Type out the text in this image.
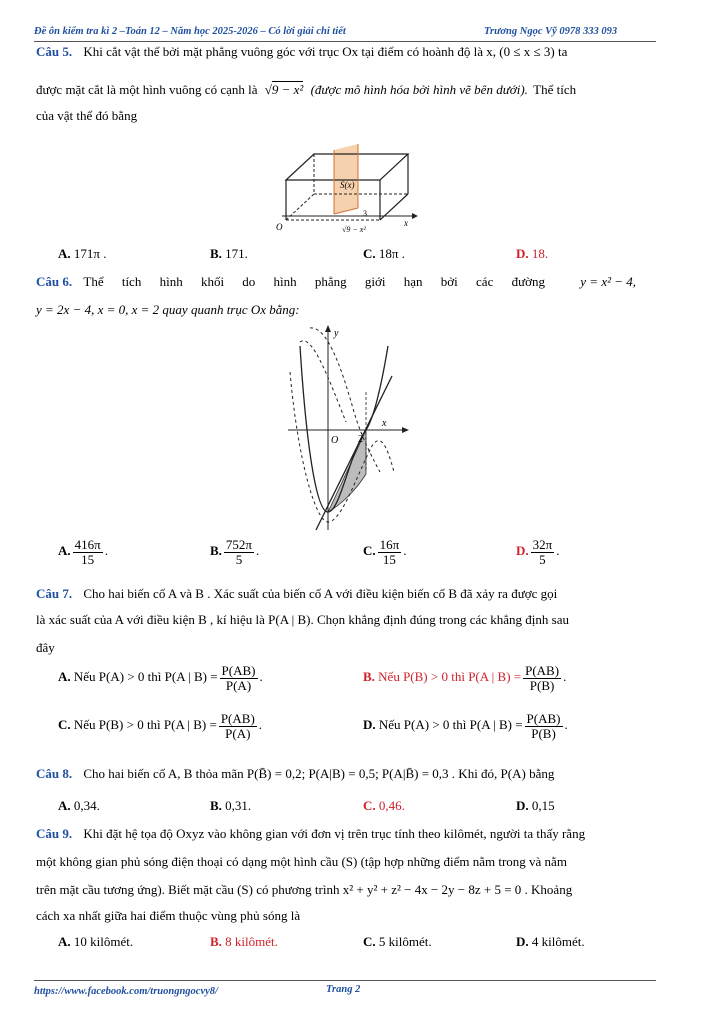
Đề ôn kiểm tra kì 2 –Toán 12 – Năm học 2025-2026 – Có lời giải chi tiết	Trương Ngọc Vỹ 0978 333 093
Câu 5. Khi cắt vật thể bởi mặt phẳng vuông góc với trục Ox tại điểm có hoành độ là x, (0 ≤ x ≤ 3) ta
được mặt cắt là một hình vuông có cạnh là √9 − x² (được mô hình hóa bởi hình vẽ bên dưới). Thể tích
của vật thể đó bằng
S(x)
O	x
3
√9 − x²
A. 171π .	B. 171.	C. 18π .	D. 18.
Câu 6. Thể tích hình khối do hình phẳng giới hạn bởi các đường	y = x² − 4,
y = 2x − 4, x = 0, x = 2 quay quanh trục Ox bằng:
y
x
O 2
A. $\frac{416\pi}{15}$ .	B. $\frac{752\pi}{5}$ .	C. $\frac{16\pi}{15}$ .	D. $\frac{32\pi}{5}$ .
Câu 7. Cho hai biến cố A và B . Xác suất của biến cố A với điều kiện biến cố B đã xảy ra được gọi
là xác suất của A với điều kiện B , kí hiệu là P(A | B). Chọn khẳng định đúng trong các khẳng định sau
đây
A. Nếu P(A) > 0 thì P(A | $B) = \frac{P(AB)}{P(A)}$ .	B. Nếu P(B) > 0 thì P(A | $B) = \frac{P(AB)}{P(B)}$ .
C. Nếu P(B) > 0 thì P(A | $B) = \frac{P(AB)}{P(A)}$ .	D. Nếu P(A) > 0 thì P(A | $B) = \frac{P(AB)}{P(B)}$ .
Câu 8. Cho hai biến cố A, B thỏa mãn P(B̄) = 0,2; P(A|B) = 0,5; P(A|B̄) = 0,3 . Khi đó, P(A) bằng
A. 0,34.	B. 0,31.	C. 0,46.	D. 0,15
Câu 9. Khi đặt hệ tọa độ Oxyz vào không gian với đơn vị trên trục tính theo kilômét, người ta thấy rằng
một không gian phủ sóng điện thoại có dạng một hình cầu (S) (tập hợp những điểm nằm trong và nằm
trên mặt cầu tương ứng). Biết mặt cầu (S) có phương trình x² + y² + z² − 4x − 2y − 8z + 5 = 0 . Khoảng
cách xa nhất giữa hai điểm thuộc vùng phủ sóng là
A. 10 kilômét.	B. 8 kilômét.	C. 5 kilômét.	D. 4 kilômét.
https://www.facebook.com/truongngocvy8/	Trang 2
